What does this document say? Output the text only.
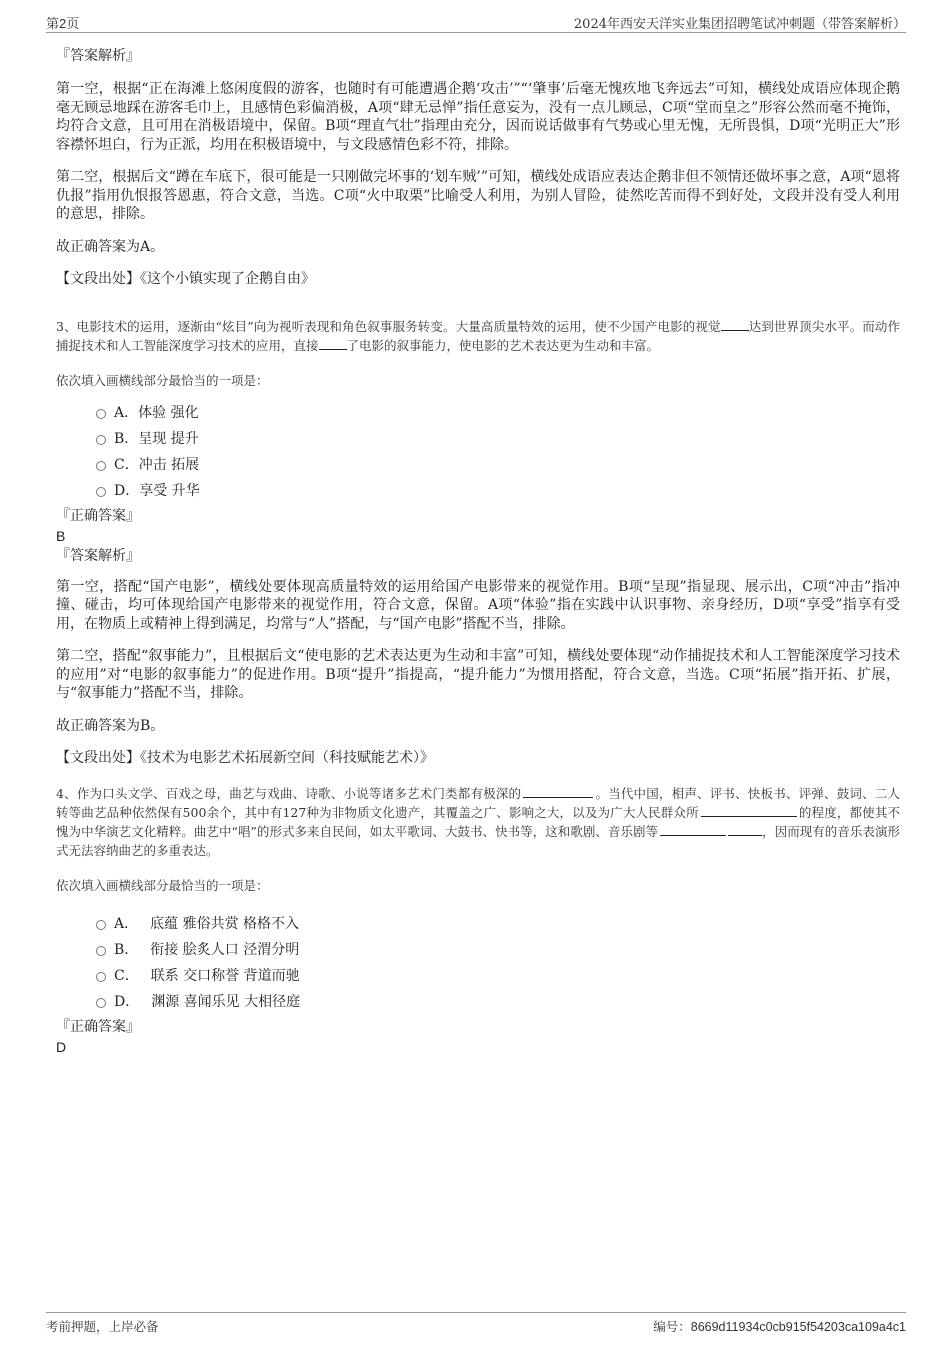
第2页	2024年西安天洋实业集团招聘笔试冲刺题（带答案解析）

『答案解析』

第一空，根据“正在海滩上悠闲度假的游客，也随时有可能遭遇企鹅‘攻击’”“‘肇事’后毫无愧疚地飞奔远去”可知，横线处成语应体现企鹅毫无顾忌地踩在游客毛巾上，且感情色彩偏消极，A项“肆无忌惮”指任意妄为，没有一点儿顾忌，C项“堂而皇之”形容公然而毫不掩饰，均符合文意，且可用在消极语境中，保留。B项“理直气壮”指理由充分，因而说话做事有气势或心里无愧，无所畏惧，D项“光明正大”形容襟怀坦白，行为正派，均用在积极语境中，与文段感情色彩不符，排除。

第二空，根据后文“蹲在车底下，很可能是一只刚做完坏事的‘划车贼’”可知，横线处成语应表达企鹅非但不领情还做坏事之意，A项“恩将仇报”指用仇恨报答恩惠，符合文意，当选。C项“火中取栗”比喻受人利用，为别人冒险，徒然吃苦而得不到好处，文段并没有受人利用的意思，排除。

故正确答案为A。

【文段出处】《这个小镇实现了企鹅自由》

3、电影技术的运用，逐渐由“炫目”向为视听表现和角色叙事服务转变。大量高质量特效的运用，使不少国产电影的视觉 达到世界顶尖水平。而动作捕捉技术和人工智能深度学习技术的应用，直接 了电影的叙事能力，使电影的艺术表达更为生动和丰富。

依次填入画横线部分最恰当的一项是：

A．体验 强化
B．呈现 提升
C．冲击 拓展
D．享受 升华

『正确答案』

B

『答案解析』

第一空，搭配“国产电影”，横线处要体现高质量特效的运用给国产电影带来的视觉作用。B项“呈现”指显现、展示出，C项“冲击”指冲撞、碰击，均可体现给国产电影带来的视觉作用，符合文意，保留。A项“体验”指在实践中认识事物、亲身经历，D项“享受”指享有受用，在物质上或精神上得到满足，均常与“人”搭配，与“国产电影”搭配不当，排除。

第二空，搭配“叙事能力”，且根据后文“使电影的艺术表达更为生动和丰富”可知，横线处要体现“动作捕捉技术和人工智能深度学习技术的应用”对“电影的叙事能力”的促进作用。B项“提升”指提高，“提升能力”为惯用搭配，符合文意，当选。C项“拓展”指开拓、扩展，与“叙事能力”搭配不当，排除。

故正确答案为B。

【文段出处】《技术为电影艺术拓展新空间（科技赋能艺术）》

4、作为口头文学、百戏之母，曲艺与戏曲、诗歌、小说等诸多艺术门类都有极深的	。当代中国，相声、评书、快板书、评弹、鼓词、二人转等曲艺品种依然保有500余个，其中有127种为非物质文化遗产，其覆盖之广、影响之大，以及为广大人民群众所	的程度，都使其不愧为中华演艺文化精粹。曲艺中“唱”的形式多来自民间，如太平歌词、大鼓书、快书等，这和歌剧、音乐剧等	，因而现有的音乐表演形式无法容纳曲艺的多重表达。

依次填入画横线部分最恰当的一项是：

A． 底蕴 雅俗共赏 格格不入
B． 衔接 脍炙人口 泾渭分明
C． 联系 交口称誉 背道而驰
D． 渊源 喜闻乐见 大相径庭

『正确答案』

D

考前押题，上岸必备	编号：8669d11934c0cb915f54203ca109a4c1
